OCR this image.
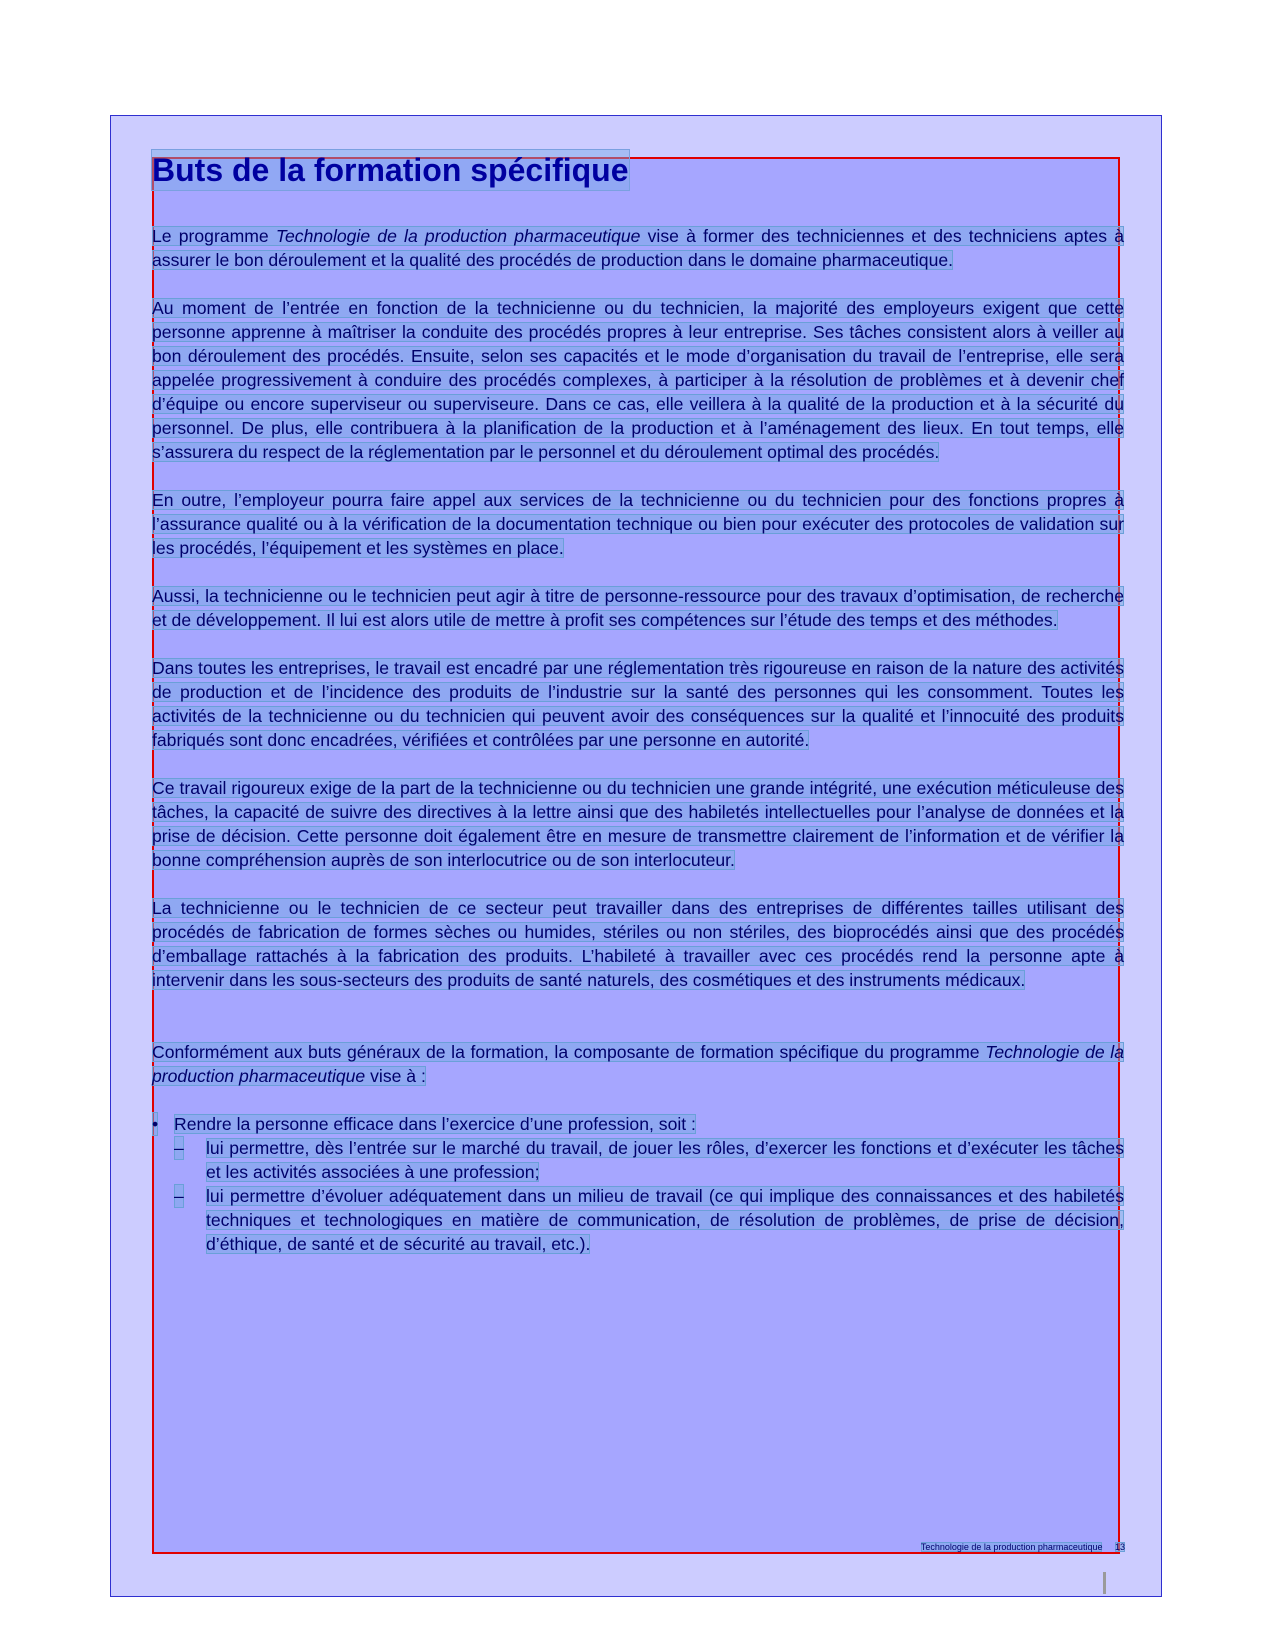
Buts de la formation spécifique

Le programme Technologie de la production pharmaceutique vise à former des techniciennes et des techniciens aptes à assurer le bon déroulement et la qualité des procédés de production dans le domaine pharmaceutique.

Au moment de l’entrée en fonction de la technicienne ou du technicien, la majorité des employeurs exigent que cette personne apprenne à maîtriser la conduite des procédés propres à leur entreprise. Ses tâches consistent alors à veiller au bon déroulement des procédés. Ensuite, selon ses capacités et le mode d’organisation du travail de l’entreprise, elle sera appelée progressivement à conduire des procédés complexes, à participer à la résolution de problèmes et à devenir chef d’équipe ou encore superviseur ou superviseure. Dans ce cas, elle veillera à la qualité de la production et à la sécurité du personnel. De plus, elle contribuera à la planification de la production et à l’aménagement des lieux. En tout temps, elle s’assurera du respect de la réglementation par le personnel et du déroulement optimal des procédés.

En outre, l’employeur pourra faire appel aux services de la technicienne ou du technicien pour des fonctions propres à l’assurance qualité ou à la vérification de la documentation technique ou bien pour exécuter des protocoles de validation sur les procédés, l’équipement et les systèmes en place.

Aussi, la technicienne ou le technicien peut agir à titre de personne-ressource pour des travaux d’optimisation, de recherche et de développement. Il lui est alors utile de mettre à profit ses compétences sur l’étude des temps et des méthodes.

Dans toutes les entreprises, le travail est encadré par une réglementation très rigoureuse en raison de la nature des activités de production et de l’incidence des produits de l’industrie sur la santé des personnes qui les consomment. Toutes les activités de la technicienne ou du technicien qui peuvent avoir des conséquences sur la qualité et l’innocuité des produits fabriqués sont donc encadrées, vérifiées et contrôlées par une personne en autorité.

Ce travail rigoureux exige de la part de la technicienne ou du technicien une grande intégrité, une exécution méticuleuse des tâches, la capacité de suivre des directives à la lettre ainsi que des habiletés intellectuelles pour l’analyse de données et la prise de décision. Cette personne doit également être en mesure de transmettre clairement de l’information et de vérifier la bonne compréhension auprès de son interlocutrice ou de son interlocuteur.

La technicienne ou le technicien de ce secteur peut travailler dans des entreprises de différentes tailles utilisant des procédés de fabrication de formes sèches ou humides, stériles ou non stériles, des bioprocédés ainsi que des procédés d’emballage rattachés à la fabrication des produits. L’habileté à travailler avec ces procédés rend la personne apte à intervenir dans les sous-secteurs des produits de santé naturels, des cosmétiques et des instruments médicaux.

Conformément aux buts généraux de la formation, la composante de formation spécifique du programme Technologie de la production pharmaceutique vise à :

• Rendre la personne efficace dans l’exercice d’une profession, soit :

– lui permettre, dès l’entrée sur le marché du travail, de jouer les rôles, d’exercer les fonctions et d’exécuter les tâches et les activités associées à une profession;

– lui permettre d’évoluer adéquatement dans un milieu de travail (ce qui implique des connaissances et des habiletés techniques et technologiques en matière de communication, de résolution de problèmes, de prise de décision, d’éthique, de santé et de sécurité au travail, etc.).

Technologie de la production pharmaceutique 13
